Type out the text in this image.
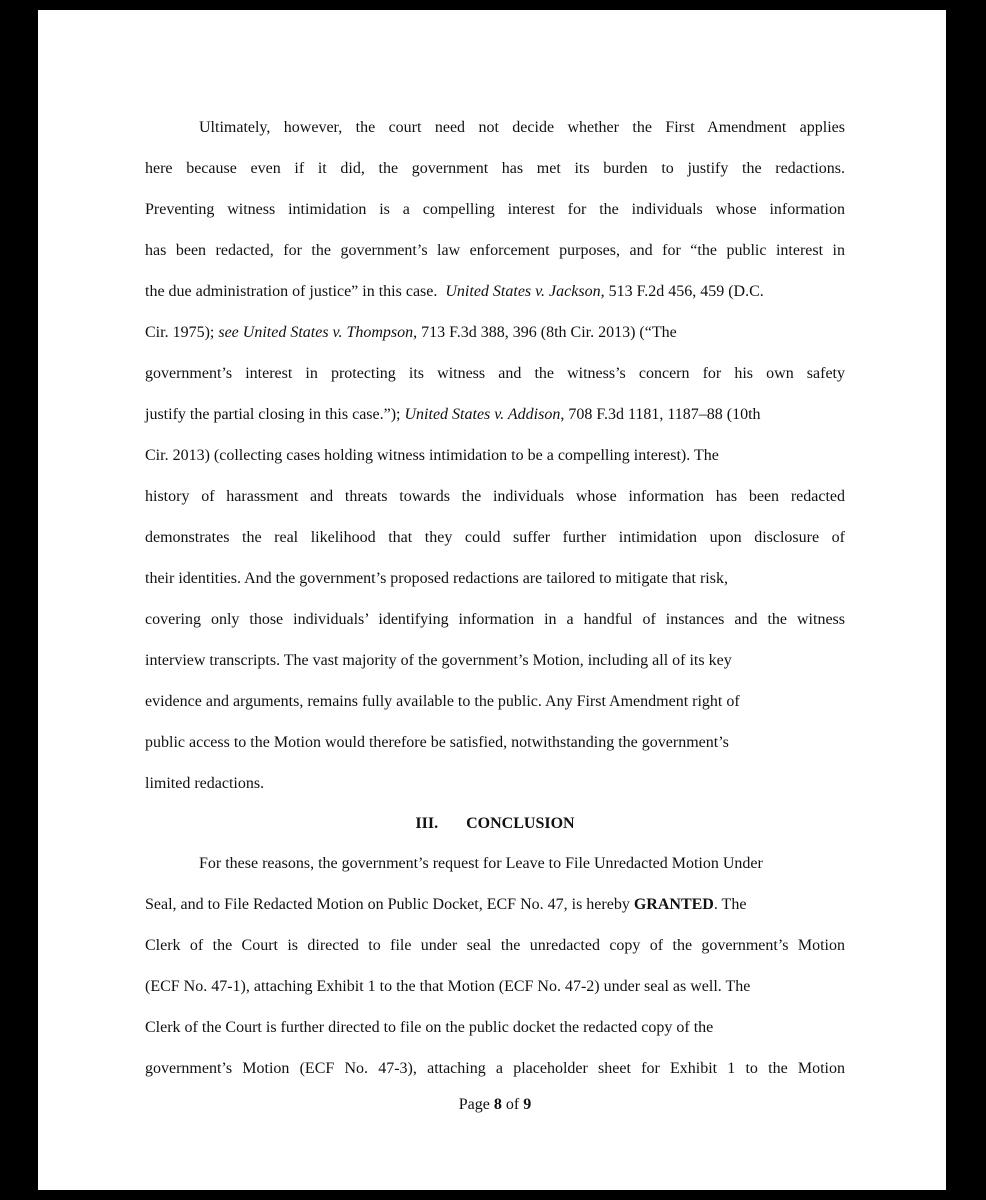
Ultimately, however, the court need not decide whether the First Amendment applies
here because even if it did, the government has met its burden to justify the redactions.
Preventing witness intimidation is a compelling interest for the individuals whose information
has been redacted, for the government’s law enforcement purposes, and for “the public interest in
the due administration of justice” in this case. United States v. Jackson, 513 F.2d 456, 459 (D.C.
Cir. 1975); see United States v. Thompson, 713 F.3d 388, 396 (8th Cir. 2013) (“The
government’s interest in protecting its witness and the witness’s concern for his own safety
justify the partial closing in this case.”); United States v. Addison, 708 F.3d 1181, 1187–88 (10th
Cir. 2013) (collecting cases holding witness intimidation to be a compelling interest). The
history of harassment and threats towards the individuals whose information has been redacted
demonstrates the real likelihood that they could suffer further intimidation upon disclosure of
their identities. And the government’s proposed redactions are tailored to mitigate that risk,
covering only those individuals’ identifying information in a handful of instances and the witness
interview transcripts. The vast majority of the government’s Motion, including all of its key
evidence and arguments, remains fully available to the public. Any First Amendment right of
public access to the Motion would therefore be satisfied, notwithstanding the government’s
limited redactions.
III. CONCLUSION
For these reasons, the government’s request for Leave to File Unredacted Motion Under
Seal, and to File Redacted Motion on Public Docket, ECF No. 47, is hereby GRANTED. The
Clerk of the Court is directed to file under seal the unredacted copy of the government’s Motion
(ECF No. 47-1), attaching Exhibit 1 to the that Motion (ECF No. 47-2) under seal as well. The
Clerk of the Court is further directed to file on the public docket the redacted copy of the
government’s Motion (ECF No. 47-3), attaching a placeholder sheet for Exhibit 1 to the Motion
Page 8 of 9
